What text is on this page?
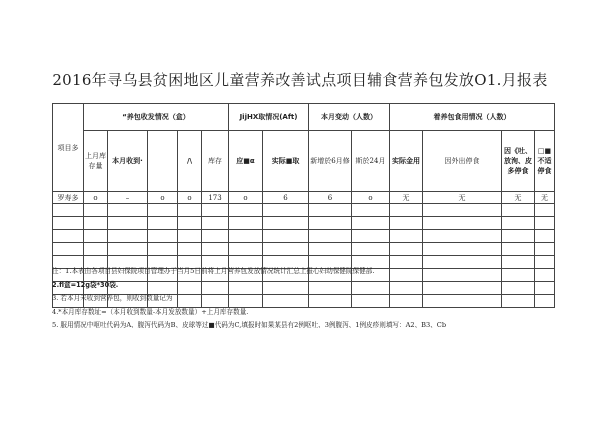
2016年寻乌县贫困地区儿童营养改善试点项目辅食营养包发放O1.月报表
项目多	“养包收发情况（盒）					JijHX取情况(Aft)		本月变动（人数）		着养包食用情况（人数）				
	上月库存量	本月收到·		/\	库存	应■α	实际■取	新增於6月修	斯於24月	实际金用	因外出停食	因《吐、放洵、皮多停食	□■不适停食	
罗寿多	o	–	o	o	173	o	6	6	o	无	无	无	无	

注：1.本表由各项目县妇保院项目管理办于当月5日前将上月营养包发放情况统计汇总上报心妇幼保健院保健部.
2.fl盒=12g袋*30袋.
3. 若本月未收到营养包，则收到数量记为
4.*本月库存数址=（本月收到数量-本月发放数量）+上月库存数量.
5. 服用情况中呕吐代码为A、腹泻代码为B、皮球等过■代码为C,填报时如果某县有2例呕吐、3例腹泻、1例皮疹则填写：A2、B3、Cb
